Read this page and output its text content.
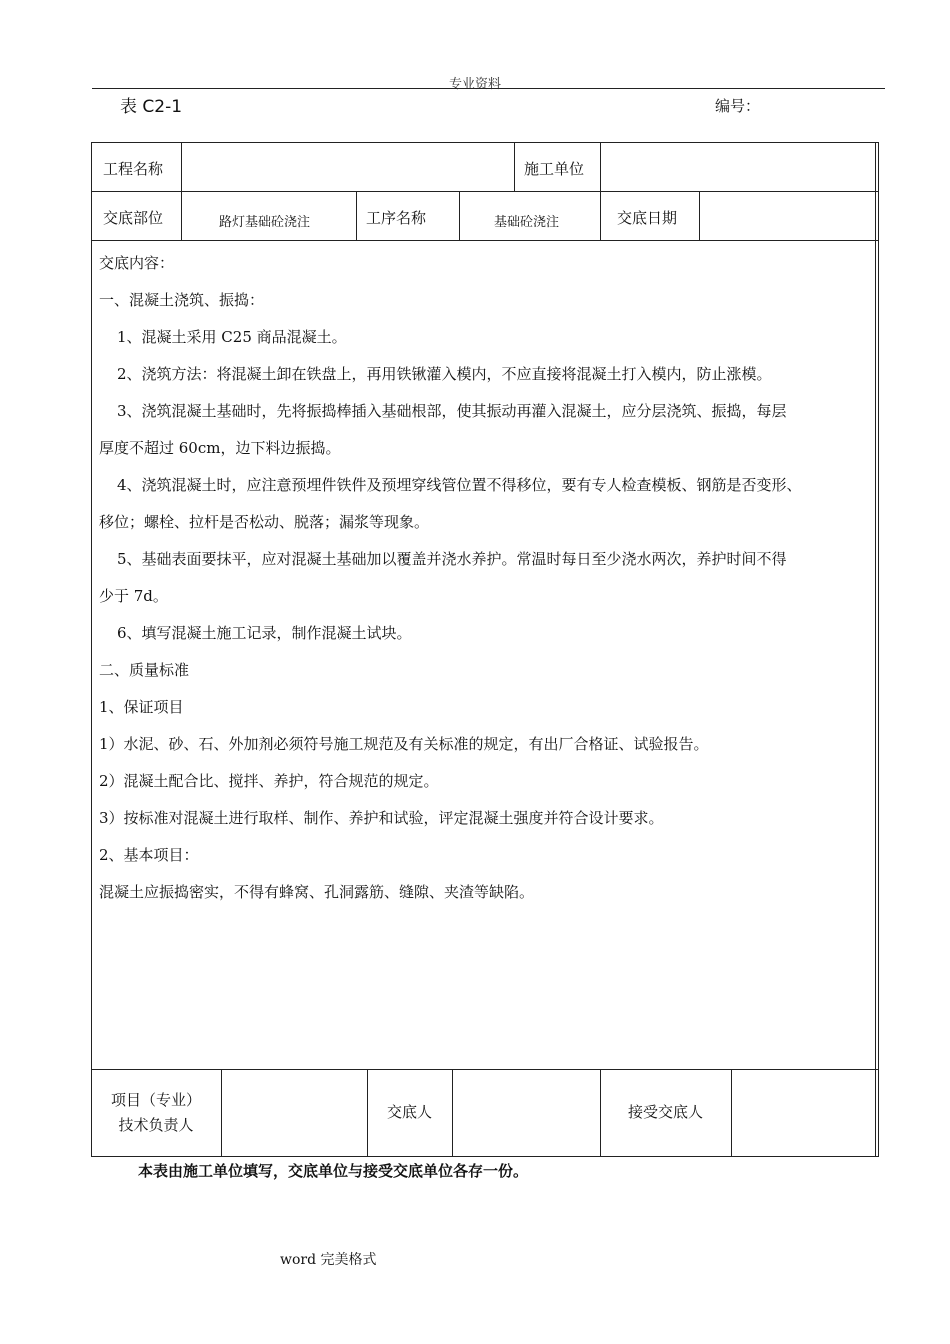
专业资料
表 C2-1	编号：
工程名称	施工单位
交底部位	路灯基础砼浇注	工序名称	基础砼浇注	交底日期

交底内容：

一、混凝土浇筑、振捣：

1、混凝土采用 C25 商品混凝土。

2、浇筑方法：将混凝土卸在铁盘上，再用铁锹灌入模内，不应直接将混凝土打入模内，防止涨模。

3、浇筑混凝土基础时，先将振捣棒插入基础根部，使其振动再灌入混凝土，应分层浇筑、振捣，每层

厚度不超过 60cm，边下料边振捣。

4、浇筑混凝土时，应注意预埋件铁件及预埋穿线管位置不得移位，要有专人检查模板、钢筋是否变形、

移位；螺栓、拉杆是否松动、脱落；漏浆等现象。

5、基础表面要抹平，应对混凝土基础加以覆盖并浇水养护。常温时每日至少浇水两次，养护时间不得

少于 7d。

6、填写混凝土施工记录，制作混凝土试块。

二、质量标准

1、保证项目

1）水泥、砂、石、外加剂必须符号施工规范及有关标准的规定，有出厂合格证、试验报告。

2）混凝土配合比、搅拌、养护，符合规范的规定。

3）按标准对混凝土进行取样、制作、养护和试验，评定混凝土强度并符合设计要求。

2、基本项目：

混凝土应振捣密实，不得有蜂窝、孔洞露筋、缝隙、夹渣等缺陷。

项目（专业）
技术负责人
交底人	接受交底人
本表由施工单位填写，交底单位与接受交底单位各存一份。
word 完美格式
